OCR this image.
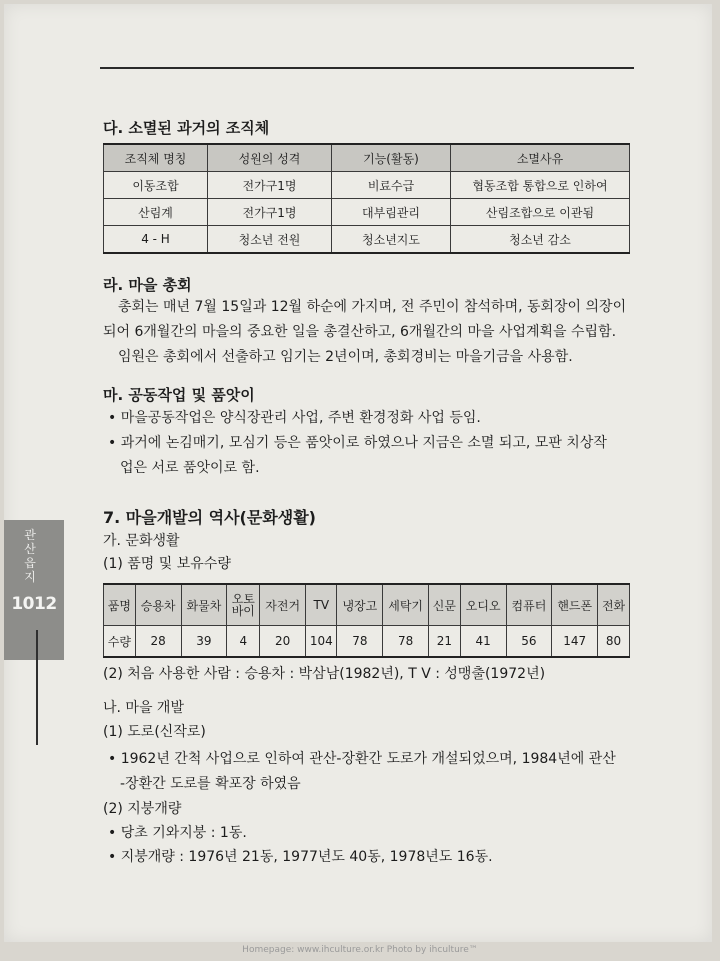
다. 소멸된 과거의 조직체
조직체 명칭	성원의 성격	기능(활동)	소멸사유
이동조합	전가구1명	비료수급	협동조합 통합으로 인하여
산림계	전가구1명	대부림관리	산림조합으로 이관됨
4 - H	청소년 전원	청소년지도	청소년 감소
라. 마을 총회
총회는 매년 7월 15일과 12월 하순에 가지며, 전 주민이 참석하며, 동회장이 의장이
되어 6개월간의 마을의 중요한 일을 총결산하고, 6개월간의 마을 사업계획을 수립함.
임원은 총회에서 선출하고 임기는 2년이며, 총회경비는 마을기금을 사용함.
마. 공동작업 및 품앗이
• 마을공동작업은 양식장관리 사업, 주변 환경정화 사업 등임.
• 과거에 논김매기, 모심기 등은 품앗이로 하였으나 지금은 소멸 되고, 모판 치상작
업은 서로 품앗이로 함.
7. 마을개발의 역사(문화생활)
가. 문화생활
(1) 품명 및 보유수량
품명	승용차	화물차	오토바이	자전거	TV	냉장고	세탁기	신문	오디오	컴퓨터	핸드폰	전화
수량	28	39	4	20	104	78	78	21	41	56	147	80
(2) 처음 사용한 사람 : 승용차 : 박삼남(1982년), T V : 성맹출(1972년)
나. 마을 개발
(1) 도로(신작로)
• 1962년 간척 사업으로 인하여 관산-장환간 도로가 개설되었으며, 1984년에 관산
-장환간 도로를 확포장 하였음
(2) 지붕개량
• 당초 기와지붕 : 1동.
• 지붕개량 : 1976년 21동, 1977년도 40동, 1978년도 16동.
관산읍지
1012
Homepage: www.ihculture.or.kr Photo by ihculture™
